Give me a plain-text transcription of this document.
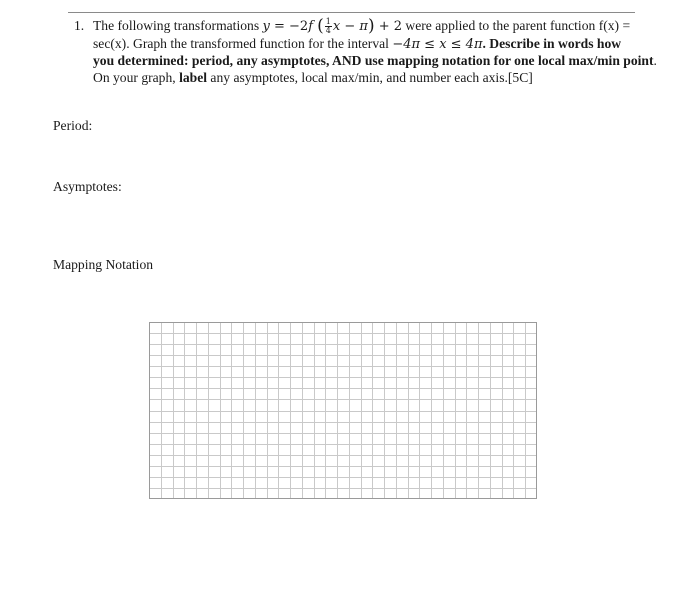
1. The following transformations y = −2f ( $\frac{1}{4}$ x − π) + 2 were applied to the parent function f(x) =
sec(x). Graph the transformed function for the interval −4π ≤ x ≤ 4π. Describe in words how
you determined: period, any asymptotes, AND use mapping notation for one local max/min point.
On your graph, label any asymptotes, local max/min, and number each axis.[5C]
Period:
Asymptotes:
Mapping Notation
